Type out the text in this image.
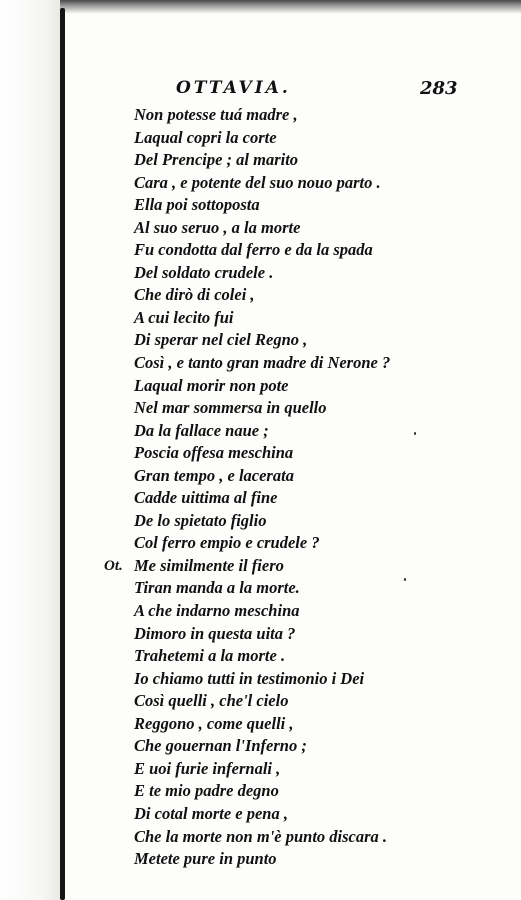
OTTAVIA.	283
Non potesse tuá madre ,
Laqual copri la corte
Del Prencipe ; al marito
Cara , e potente del suo nouo parto .
Ella poi sottoposta
Al suo seruo , a la morte
Fu condotta dal ferro e da la spada
Del soldato crudele .
Che dirò di colei ,
A cui lecito fui
Di sperar nel ciel Regno ,
Così , e tanto gran madre di Nerone ?
Laqual morir non pote
Nel mar sommersa in quello
Da la fallace naue ;
Poscia offesa meschina
Gran tempo , e lacerata
Cadde uittima al fine
De lo spietato figlio
Col ferro empio e crudele ?
Ot. Me similmente il fiero
Tiran manda a la morte.
A che indarno meschina
Dimoro in questa uita ?
Trahetemi a la morte .
Io chiamo tutti in testimonio i Dei
Così quelli , che'l cielo
Reggono , come quelli ,
Che gouernan l'Inferno ;
E uoi furie infernali ,
E te mio padre degno
Di cotal morte e pena ,
Che la morte non m'è punto discara .
Metete pure in punto
